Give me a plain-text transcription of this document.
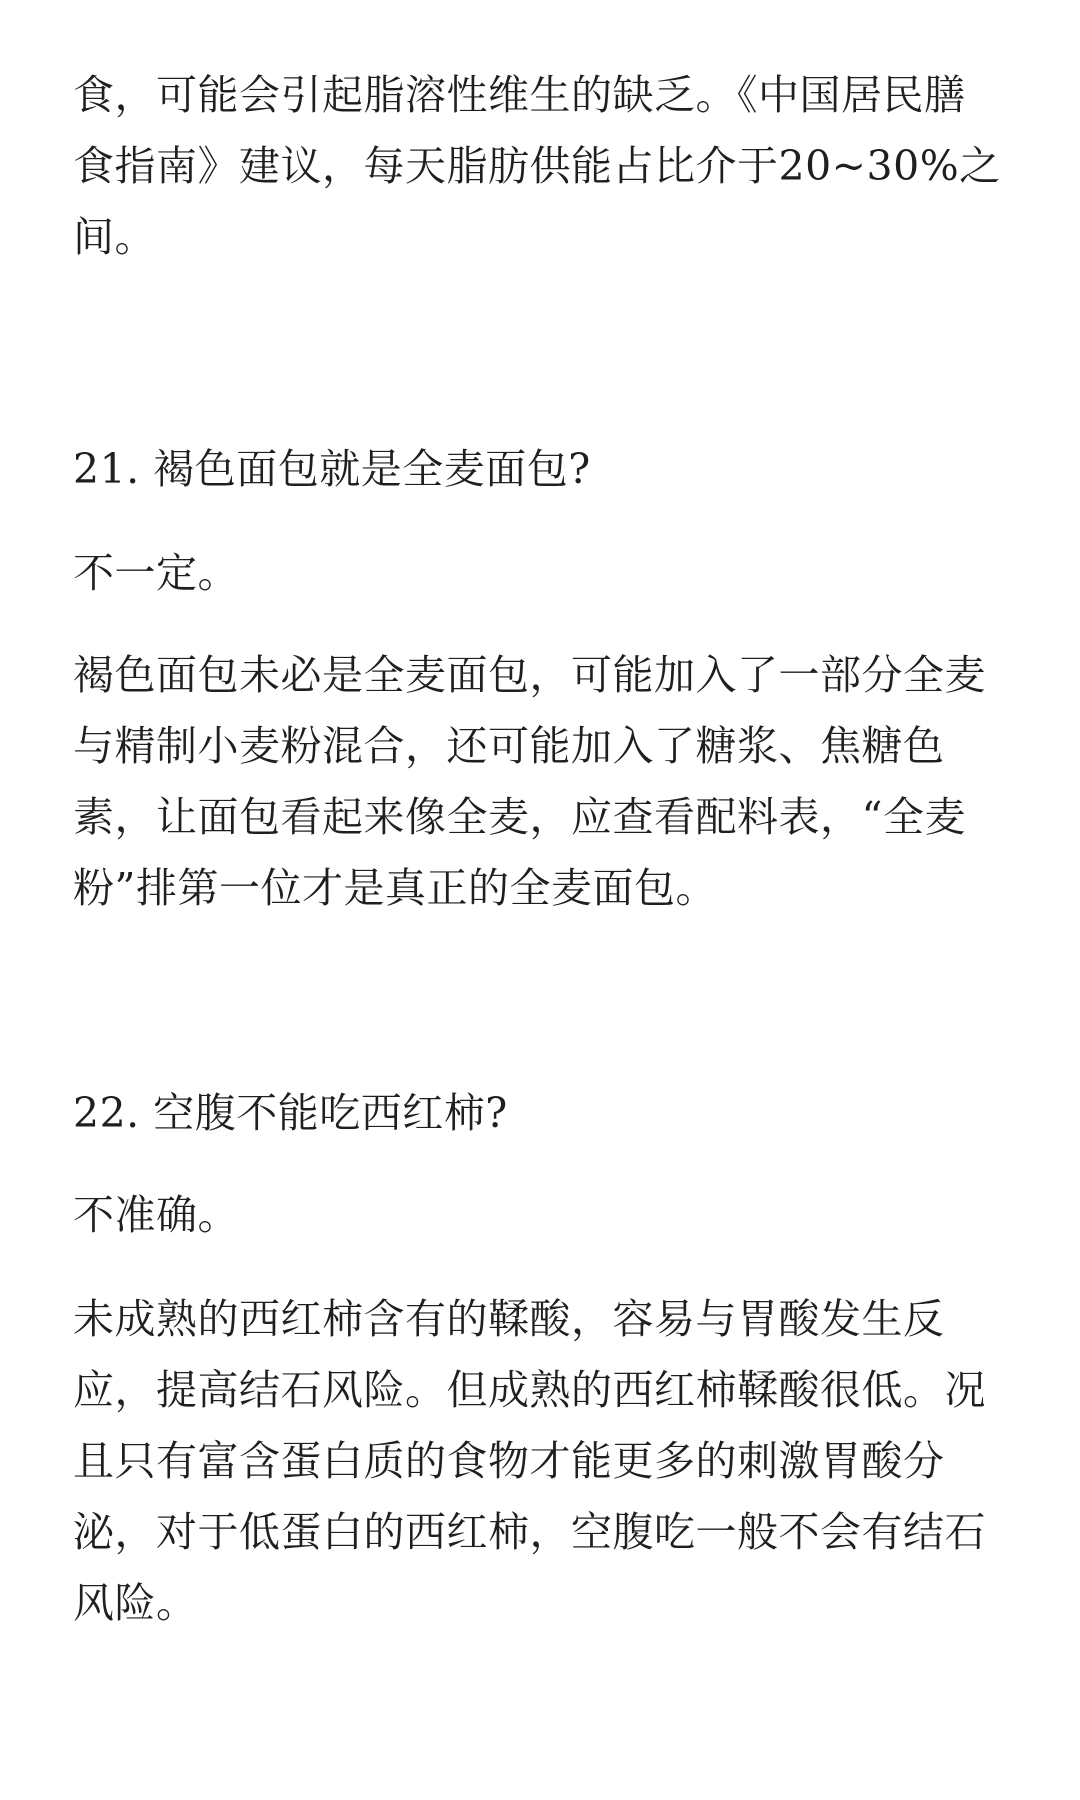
食，可能会引起脂溶性维生的缺乏。《中国居民膳
食指南》建议，每天脂肪供能占比介于20~30%之
间。
21. 褐色面包就是全麦面包?
不一定。
褐色面包未必是全麦面包，可能加入了一部分全麦
与精制小麦粉混合，还可能加入了糖浆、焦糖色
素，让面包看起来像全麦，应查看配料表，“全麦
粉”排第一位才是真正的全麦面包。
22. 空腹不能吃西红柿?
不准确。
未成熟的西红柿含有的鞣酸，容易与胃酸发生反
应，提高结石风险。但成熟的西红柿鞣酸很低。况
且只有富含蛋白质的食物才能更多的刺激胃酸分
泌，对于低蛋白的西红柿，空腹吃一般不会有结石
风险。
